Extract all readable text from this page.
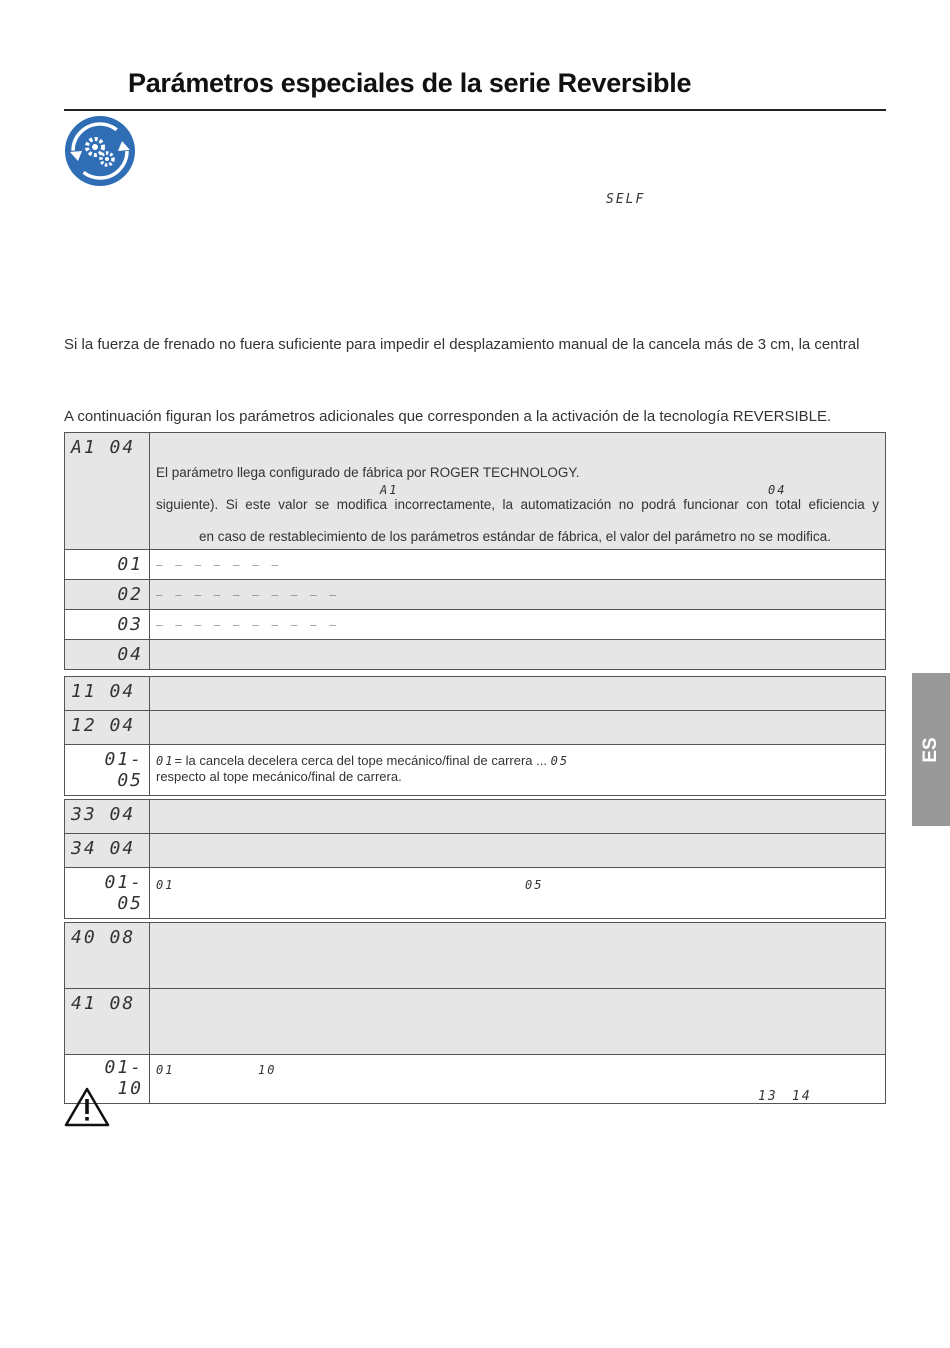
Parámetros especiales de la serie Reversible
SELF
Si la fuerza de frenado no fuera suficiente para impedir el desplazamiento manual de la cancela más de 3 cm, la central
A continuación figuran los parámetros adicionales que corresponden a la activación de la tecnología REVERSIBLE.
A1 04	El parámetro llega configurado de fábrica por ROGER TECHNOLOGY.
A1 04
siguiente). Si este valor se modifica incorrectamente, la automatización no podrá funcionar con total eficiencia y
en caso de restablecimiento de los parámetros estándar de fábrica, el valor del parámetro no se modifica.

01	_ _ _ _ _ _ _

02	_ _ _ _ _ _ _ _ _ _

03	_ _ _ _ _ _ _ _ _ _

04	

11 04	

12 04	

01- 05	01= la cancela decelera cerca del tope mecánico/final de carrera ... 05
respecto al tope mecánico/final de carrera.
33 04	

34 04	

01- 05	01 05
40 08	

41 08	

01- 10	01 10
13 14
ES
